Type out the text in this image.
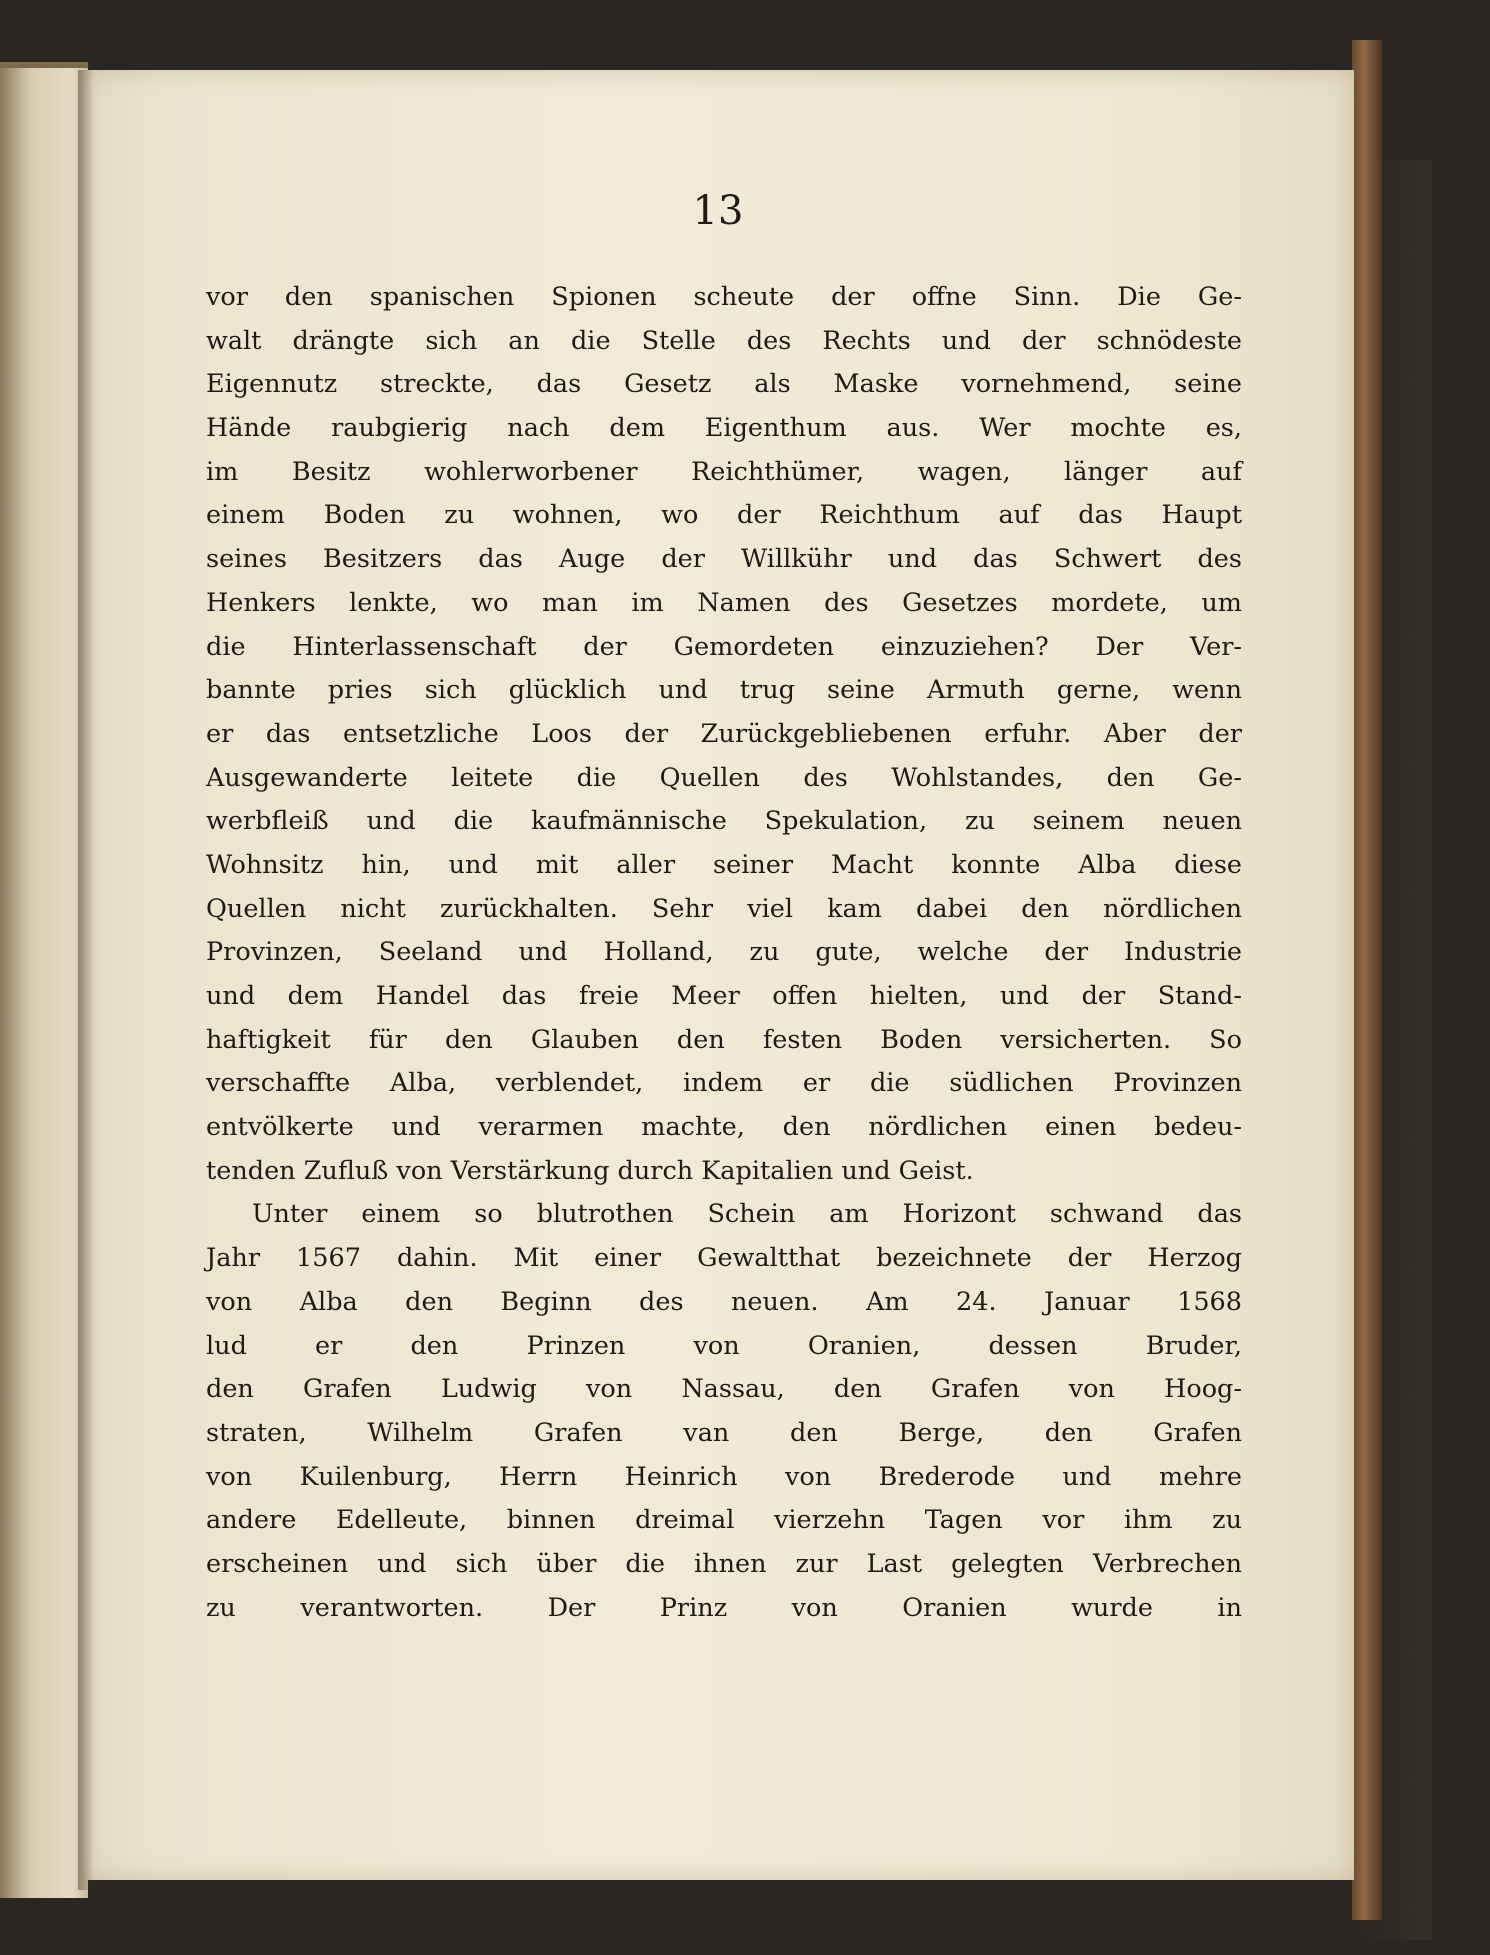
13
vor den spanischen Spionen scheute der offne Sinn. Die Ge-
walt drängte sich an die Stelle des Rechts und der schnödeste
Eigennutz streckte, das Gesetz als Maske vornehmend, seine
Hände raubgierig nach dem Eigenthum aus. Wer mochte es,
im Besitz wohlerworbener Reichthümer, wagen, länger auf
einem Boden zu wohnen, wo der Reichthum auf das Haupt
seines Besitzers das Auge der Willkühr und das Schwert des
Henkers lenkte, wo man im Namen des Gesetzes mordete, um
die Hinterlassenschaft der Gemordeten einzuziehen? Der Ver-
bannte pries sich glücklich und trug seine Armuth gerne, wenn
er das entsetzliche Loos der Zurückgebliebenen erfuhr. Aber der
Ausgewanderte leitete die Quellen des Wohlstandes, den Ge-
werbfleiß und die kaufmännische Spekulation, zu seinem neuen
Wohnsitz hin, und mit aller seiner Macht konnte Alba diese
Quellen nicht zurückhalten. Sehr viel kam dabei den nördlichen
Provinzen, Seeland und Holland, zu gute, welche der Industrie
und dem Handel das freie Meer offen hielten, und der Stand-
haftigkeit für den Glauben den festen Boden versicherten. So
verschaffte Alba, verblendet, indem er die südlichen Provinzen
entvölkerte und verarmen machte, den nördlichen einen bedeu-
tenden Zufluß von Verstärkung durch Kapitalien und Geist.
Unter einem so blutrothen Schein am Horizont schwand das
Jahr 1567 dahin. Mit einer Gewaltthat bezeichnete der Herzog
von Alba den Beginn des neuen. Am 24. Januar 1568
lud er den Prinzen von Oranien, dessen Bruder,
den Grafen Ludwig von Nassau, den Grafen von Hoog-
straten, Wilhelm Grafen van den Berge, den Grafen
von Kuilenburg, Herrn Heinrich von Brederode und mehre
andere Edelleute, binnen dreimal vierzehn Tagen vor ihm zu
erscheinen und sich über die ihnen zur Last gelegten Verbrechen
zu verantworten. Der Prinz von Oranien wurde in
